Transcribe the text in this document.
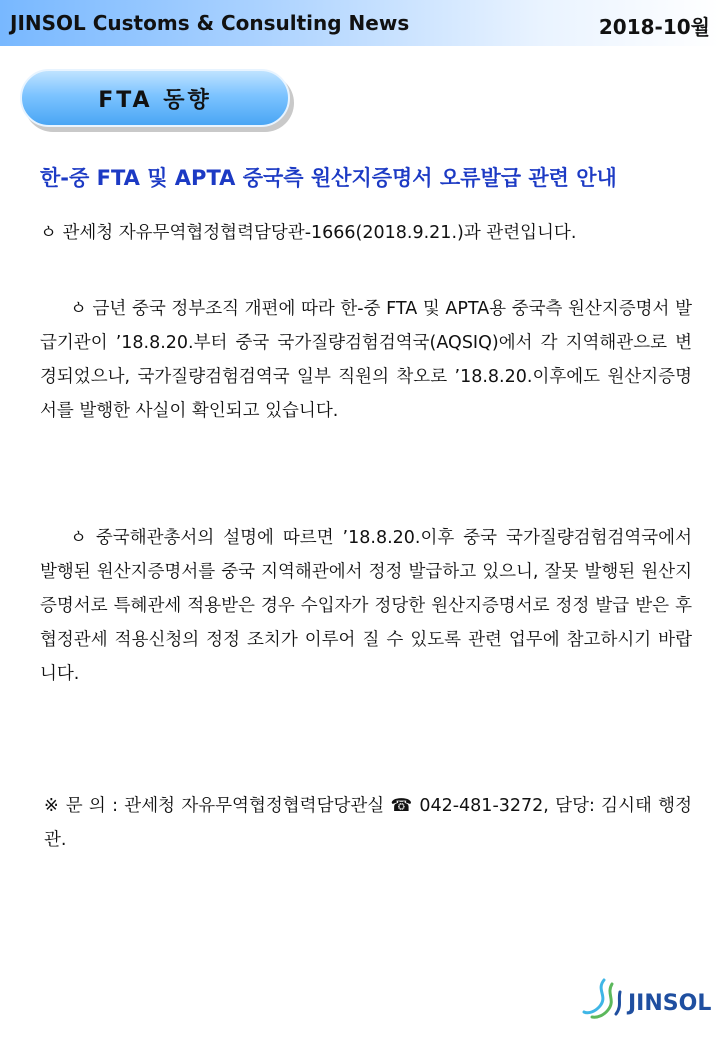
JINSOL Customs & Consulting News	2018-10월
FTA 동향
한-중 FTA 및 APTA 중국측 원산지증명서 오류발급 관련 안내
ㆁ 관세청 자유무역협정협력담당관-1666(2018.9.21.)과 관련입니다.
ㆁ 금년 중국 정부조직 개편에 따라 한-중 FTA 및 APTA용 중국측 원산지증명서 발급기관이 ’18.8.20.부터 중국 국가질량검험검역국(AQSIQ)에서 각 지역해관으로 변경되었으나, 국가질량검험검역국 일부 직원의 착오로 ’18.8.20.이후에도 원산지증명서를 발행한 사실이 확인되고 있습니다.
ㆁ 중국해관총서의 설명에 따르면 ’18.8.20.이후 중국 국가질량검험검역국에서 발행된 원산지증명서를 중국 지역해관에서 정정 발급하고 있으니, 잘못 발행된 원산지증명서로 특혜관세 적용받은 경우 수입자가 정당한 원산지증명서로 정정 발급 받은 후 협정관세 적용신청의 정정 조치가 이루어 질 수 있도록 관련 업무에 참고하시기 바랍니다.
※ 문 의 : 관세청 자유무역협정협력담당관실 ☎ 042-481-3272, 담당: 김시태 행정관.
JINSOL
